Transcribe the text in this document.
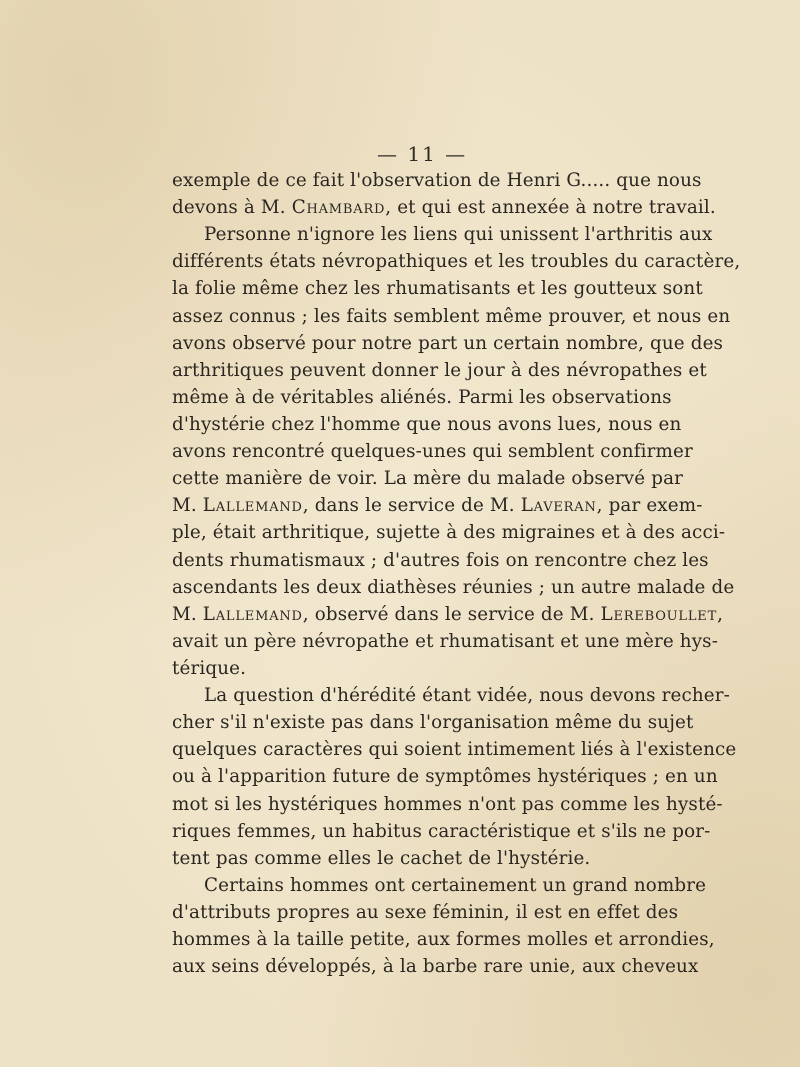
— 11 —
exemple de ce fait l'observation de Henri G..... que nous
devons à M. Chambard, et qui est annexée à notre travail.
Personne n'ignore les liens qui unissent l'arthritis aux
différents états névropathiques et les troubles du caractère,
la folie même chez les rhumatisants et les goutteux sont
assez connus ; les faits semblent même prouver, et nous en
avons observé pour notre part un certain nombre, que des
arthritiques peuvent donner le jour à des névropathes et
même à de véritables aliénés. Parmi les observations
d'hystérie chez l'homme que nous avons lues, nous en
avons rencontré quelques-unes qui semblent confirmer
cette manière de voir. La mère du malade observé par
M. Lallemand, dans le service de M. Laveran, par exem-
ple, était arthritique, sujette à des migraines et à des acci-
dents rhumatismaux ; d'autres fois on rencontre chez les
ascendants les deux diathèses réunies ; un autre malade de
M. Lallemand, observé dans le service de M. Lereboullet,
avait un père névropathe et rhumatisant et une mère hys-
térique.
La question d'hérédité étant vidée, nous devons recher-
cher s'il n'existe pas dans l'organisation même du sujet
quelques caractères qui soient intimement liés à l'existence
ou à l'apparition future de symptômes hystériques ; en un
mot si les hystériques hommes n'ont pas comme les hysté-
riques femmes, un habitus caractéristique et s'ils ne por-
tent pas comme elles le cachet de l'hystérie.
Certains hommes ont certainement un grand nombre
d'attributs propres au sexe féminin, il est en effet des
hommes à la taille petite, aux formes molles et arrondies,
aux seins développés, à la barbe rare unie, aux cheveux
